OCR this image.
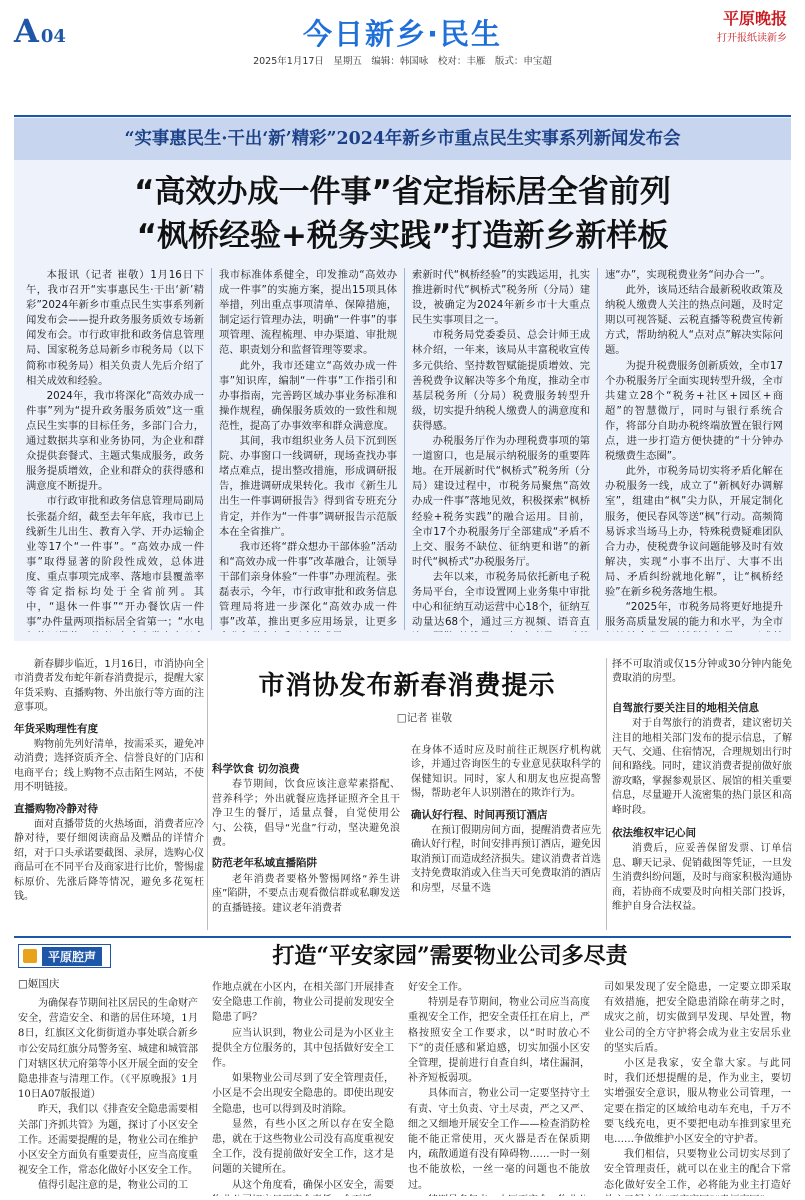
A 04	今日新乡·民生	平原晚报
打开报纸读新乡
2025年1月17日　星期五　编辑：韩国咏　校对：丰雁　版式：申宝超
“实事惠民生·干出‘新’精彩”2024年新乡市重点民生实事系列新闻发布会
“高效办成一件事”省定指标居全省前列
“枫桥经验+税务实践”打造新乡新样板

本报讯（记者 崔敬）1月16日下午，我市召开“实事惠民生·干出‘新’精彩”2024年新乡市重点民生实事系列新闻发布会——提升政务服务质效专场新闻发布会。市行政审批和政务信息管理局、国家税务总局新乡市税务局（以下简称市税务局）相关负责人先后介绍了相关成效和经验。

2024年，我市将深化“高效办成一件事”列为“提升政务服务质效”这一重点民生实事的目标任务，多部门合力，通过数据共享和业务协同，为企业和群众提供套餐式、主题式集成服务，政务服务提质增效，企业和群众的获得感和满意度不断提升。

市行政审批和政务信息管理局副局长张磊介绍，截至去年年底，我市已上线新生儿出生、教育入学、开办运输企业等17个“一件事”。“高效办成一件事”取得显著的阶段性成效，总体进度、重点事项完成率、落地市县覆盖率等省定指标均处于全省前列。其中，“退休一件事”“开办餐饮店一件事”办件量两项指标居全省第一；“水电

我市标准体系健全，印发推动“高效办成一件事”的实施方案，提出15项具体举措，列出重点事项清单、保障措施，制定运行管理办法，明确“一件事”的事项管理、流程梳理、申办渠道、审批规范、职责划分和监督管理等要求。

此外，我市还建立“高效办成一件事”知识库，编制“一件事”工作指引和办事指南，完善跨区域办事业务标准和操作规程，确保服务质效的一致性和规范性，提高了办事效率和群众满意度。

其间，我市组织业务人员下沉到医院、办事窗口一线调研，现场查找办事堵点难点，提出整改措施，形成调研报告，推进调研成果转化。我市《新生儿出生一件事调研报告》得到省专班充分肯定，并作为“一件事”调研报告示范版本在全省推广。

我市还将“群众想办干部体验”活动和“高效办成一件事”改革融合，让领导干部们亲身体验“一件事”办理流程。张磊表示，今年，市行政审批和政务信息管理局将进一步深化“高效办成一件事”改革，推出更多应用场景，让更多

索新时代“枫桥经验”的实践运用，扎实推进新时代“枫桥式”税务所（分局）建设，被确定为2024年新乡市十大重点民生实事项目之一。

市税务局党委委员、总会计师王成林介绍，一年来，该局从丰富税收宣传多元供给、坚持数智赋能提质增效、完善税费争议解决等多个角度，推动全市基层税务所（分局）税费服务转型升级，切实提升纳税人缴费人的满意度和获得感。

办税服务厅作为办理税费事项的第一道窗口，也是展示纳税服务的重要阵地。在开展新时代“枫桥式”税务所（分局）建设过程中，市税务局聚焦“高效办成一件事”落地见效，积极探索“枫桥经验+税务实践”的融合运用。目前，全市17个办税服务厅全部建成“矛盾不上交、服务不缺位、征纳更和谐”的新时代“枫桥式”办税服务厅。

去年以来，市税务局依托新电子税务局平台，全市设置网上业务集中审批中心和征纳互动运营中心18个，征纳互动量达68个，通过三方视频、语音直

速“办”，实现税费业务“问办合一”。

此外，该局还结合最新税收政策及纳税人缴费人关注的热点问题，及时定期以可视答疑、云税直播等税费宣传新方式，帮助纳税人“点对点”解决实际问题。

为提升税费服务创新质效，全市17个办税服务厅全面实现转型升级，全市共建立28个“税务+社区+园区+商超”的智慧微厅，同时与银行系统合作，将部分自助办税终端放置在银行网点，进一步打造方便快捷的“十分钟办税缴费生态圈”。

此外，市税务局切实将矛盾化解在办税服务一线，成立了“新枫好办调解室”，组建由“枫”尖力队，开展定制化服务，便民春风等送“枫”行动。高频简易诉求当场马上办，特殊税费疑难团队合力办，使税费争议问题能够及时有效解决，实现“小事不出厅、大事不出局、矛盾纠纷就地化解”，让“枫桥经验”在新乡税务落地生根。

“2025年，市税务局将更好地提升服务高质量发展的能力和水平，为全市

新春脚步临近，1月16日，市消协向全市消费者发布蛇年新春消费提示，提醒大家年货采购、直播购物、外出旅行等方面的注意事项。

年货采购理性有度

购物前先列好清单，按需采买，避免冲动消费；选择资质齐全、信誉良好的门店和电商平台；线上购物不点击陌生网站，不使用不明链接。

直播购物冷静对待

面对直播带货的火热场面，消费者应冷静对待，要仔细阅读商品及赠品的详情介绍，对于口头承诺要截图、录屏，选购心仪商品可在不同平台及商家进行比价，警惕虚标原价、先涨后降等情况，避免多花冤枉钱。

市消协发布新春消费提示
□记者 崔敬
科学饮食 切勿浪费

春节期间，饮食应该注意荤素搭配、营养科学；外出就餐应选择证照齐全且干净卫生的餐厅，适量点餐，自觉使用公勺、公筷，倡导“光盘”行动，坚决避免浪费。

防范老年私域直播陷阱

老年消费者要格外警惕网络“养生讲座”陷阱，不要点击观看微信群或私聊发送的直播链接。建议老年消费者

在身体不适时应及时前往正规医疗机构就诊，并通过咨询医生的专业意见获取科学的保健知识。同时，家人和朋友也应提高警惕，帮助老年人识别潜在的欺诈行为。

确认好行程、时间再预订酒店

在预订假期房间方面，提醒消费者应先确认好行程，时间安排再预订酒店，避免因取消预订而造成经济损失。建议消费者首选支持免费取消或入住当天可免费取消的酒店和房型，尽量不选

择不可取消或仅15分钟或30分钟内能免费取消的房型。

自驾旅行要关注目的地相关信息

对于自驾旅行的消费者，建议密切关注目的地相关部门发布的提示信息，了解天气、交通、住宿情况，合理规划出行时间和路线。同时，建议消费者提前做好旅游攻略，掌握参观景区、展馆的相关重要信息，尽量避开人流密集的热门景区和高峰时段。

依法维权牢记心间

消费后，应妥善保留发票、订单信息、聊天记录、促销截图等凭证，一旦发生消费纠纷问题，及时与商家积极沟通协商，若协商不成要及时向相关部门投诉，维护自身合法权益。

平原腔声	打造“平安家园”需要物业公司多尽责
□姬国庆

为确保春节期间社区居民的生命财产安全，营造安全、和谐的居住环境，1月8日，红旗区文化街街道办事处联合新乡市公安局红旗分局警务室、城建和城管部门对辖区状元府第等小区开展全面的安全隐患排查与清理工作。（《平原晚报》1月10日A07版报道）

昨天，我们以《排查安全隐患需要相关部门齐抓共管》为题，探讨了小区安全工作。还需要提醒的是，物业公司在维护小区安全方面负有重要责任，应当高度重视安全工作，常态化做好小区安全工作。

值得引起注意的是，物业公司的工

作地点就在小区内，在相关部门开展排查安全隐患工作前，物业公司提前发现安全隐患了吗？

应当认识到，物业公司是为小区业主提供全方位服务的，其中包括做好安全工作。

如果物业公司尽到了安全管理责任，小区是不会出现安全隐患的。即使出现安全隐患，也可以得到及时消除。

显然，有些小区之所以存在安全隐患，就在于这些物业公司没有高度重视安全工作，没有提前做好安全工作，这才是问题的关键所在。

从这个角度看，确保小区安全，需要

好安全工作。

特别是春节期间，物业公司应当高度重视安全工作，把安全责任扛在肩上，严格按照安全工作要求，以“时时放心不下”的责任感和紧迫感，切实加强小区安全管理，提前进行自查自纠，堵住漏洞，补齐短板弱项。

具体而言，物业公司一定要坚持守土有责、守土负责、守土尽责，严之又严、细之又细地开展安全工作——检查消防栓能不能正常使用，灭火器是否在保质期内，疏散通道有没有障碍物……一时一刻也不能放松，一丝一毫的问题也不能放过。

司如果发现了安全隐患，一定要立即采取有效措施，把安全隐患消除在萌芽之时，成灾之前，切实做到早发现、早处置，物业公司的全方守护将会成为业主安居乐业的坚实后盾。

小区是我家，安全靠大家。与此同时，我们还想提醒的是，作为业主，要切实增强安全意识，服从物业公司管理，一定要在指定的区域给电动车充电，千万不要飞线充电，更不要把电动车推到家里充电……争做维护小区安全的守护者。

我们相信，只要物业公司切实尽到了安全管理责任，就可以在业主的配合下常态化做好安全工作，必将能为业主打造好
